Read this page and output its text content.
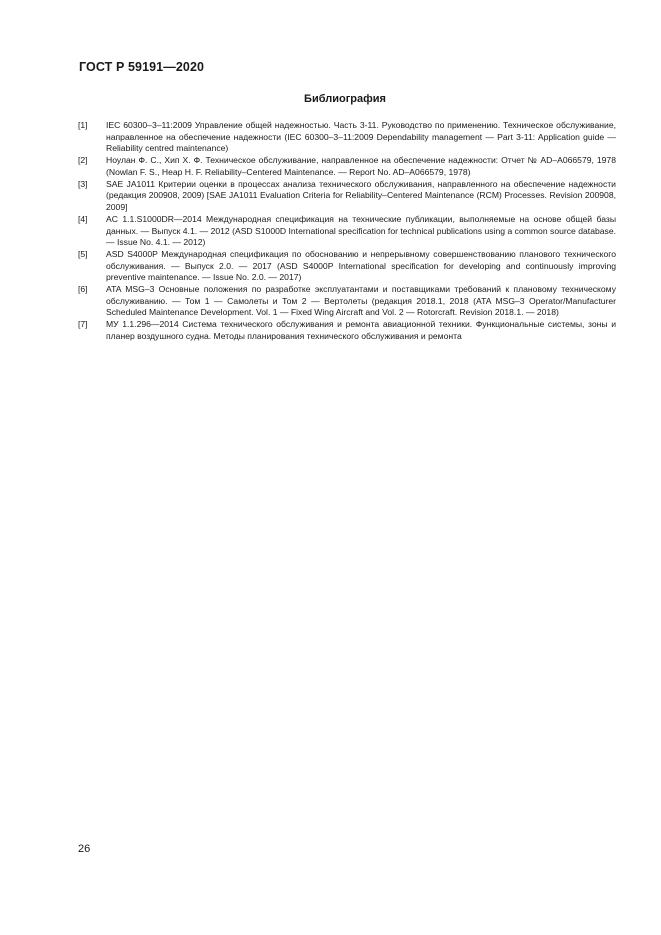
ГОСТ Р 59191—2020
Библиография
[1]	IEC 60300–3–11:2009 Управление общей надежностью. Часть 3-11. Руководство по применению. Техническое обслуживание, направленное на обеспечение надежности (IEC 60300–3–11:2009 Dependability management — Part 3-11: Application guide — Reliability centred maintenance)
[2]	Ноулан Ф. С., Хип Х. Ф. Техническое обслуживание, направленное на обеспечение надежности: Отчет № AD–A066579, 1978 (Nowlan F. S., Heap H. F. Reliability–Centered Maintenance. — Report No. AD–A066579, 1978)
[3]	SAE JA1011 Критерии оценки в процессах анализа технического обслуживания, направленного на обеспечение надежности (редакция 200908, 2009) [SAE JA1011 Evaluation Criteria for Reliability–Centered Maintenance (RCM) Processes. Revision 200908, 2009]
[4]	AC 1.1.S1000DR—2014 Международная спецификация на технические публикации, выполняемые на основе общей базы данных. — Выпуск 4.1. — 2012 (ASD S1000D International specification for technical publications using a common source database. — Issue No. 4.1. — 2012)
[5]	ASD S4000P Международная спецификация по обоснованию и непрерывному совершенствованию планового технического обслуживания. — Выпуск 2.0. — 2017 (ASD S4000P International specification for developing and continuously improving preventive maintenance. — Issue No. 2.0. — 2017)
[6]	ATA MSG–3 Основные положения по разработке эксплуатантами и поставщиками требований к плановому техническому обслуживанию. — Том 1 — Самолеты и Том 2 — Вертолеты (редакция 2018.1, 2018 (ATA MSG–3 Operator/Manufacturer Scheduled Maintenance Development. Vol. 1 — Fixed Wing Aircraft and Vol. 2 — Rotorcraft. Revision 2018.1. — 2018)
[7]	МУ 1.1.296—2014 Система технического обслуживания и ремонта авиационной техники. Функциональные системы, зоны и планер воздушного судна. Методы планирования технического обслуживания и ремонта
26
